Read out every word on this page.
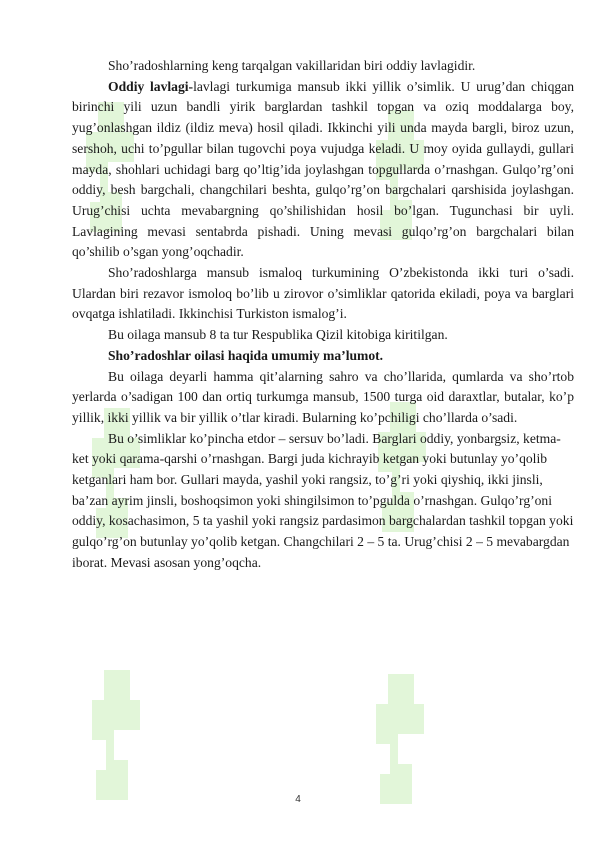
Sho’radoshlarning keng tarqalgan vakillaridan biri oddiy lavlagidir.

Oddiy lavlagi-lavlagi turkumiga mansub ikki yillik o’simlik. U urug’dan chiqgan birinchi yili uzun bandli yirik barglardan tashkil topgan va oziq moddalarga boy, yug’onlashgan ildiz (ildiz meva) hosil qiladi. Ikkinchi yili unda mayda bargli, biroz uzun, sershoh, uchi to’pgullar bilan tugovchi poya vujudga keladi. U moy oyida gullaydi, gullari mayda, shohlari uchidagi barg qo’ltig’ida joylashgan topgullarda o’rnashgan. Gulqo’rg’oni oddiy, besh bargchali, changchilari beshta, gulqo’rg’on bargchalari qarshisida joylashgan. Urug’chisi uchta mevabargning qo’shilishidan hosil bo’lgan. Tugunchasi bir uyli. Lavlagining mevasi sentabrda pishadi. Uning mevasi gulqo’rg’on bargchalari bilan qo’shilib o’sgan yong’oqchadir.

Sho’radoshlarga mansub ismaloq turkumining O’zbekistonda ikki turi o’sadi. Ulardan biri rezavor ismoloq bo’lib u zirovor o’simliklar qatorida ekiladi, poya va barglari ovqatga ishlatiladi. Ikkinchisi Turkiston ismalog’i.

Bu oilaga mansub 8 ta tur Respublika Qizil kitobiga kiritilgan.

Sho’radoshlar oilasi haqida umumiy ma’lumot.

Bu oilaga deyarli hamma qit’alarning sahro va cho’llarida, qumlarda va sho’rtob yerlarda o’sadigan 100 dan ortiq turkumga mansub, 1500 turga oid daraxtlar, butalar, ko’p yillik, ikki yillik va bir yillik o’tlar kiradi. Bularning ko’pchiligi cho’llarda o’sadi.

Bu o’simliklar ko’pincha etdor – sersuv bo’ladi. Barglari oddiy, yonbargsiz, ketma-ket yoki qarama-qarshi o’rnashgan. Bargi juda kichrayib ketgan yoki butunlay yo’qolib ketganlari ham bor. Gullari mayda, yashil yoki rangsiz, to’g’ri yoki qiyshiq, ikki jinsli, ba’zan ayrim jinsli, boshoqsimon yoki shingilsimon to’pgulda o’rnashgan. Gulqo’rg’oni oddiy, kosachasimon, 5 ta yashil yoki rangsiz pardasimon bargchalardan tashkil topgan yoki gulqo’rg’on butunlay yo’qolib ketgan. Changchilari 2 – 5 ta. Urug’chisi 2 – 5 mevabargdan iborat. Mevasi asosan yong’oqcha.

4
